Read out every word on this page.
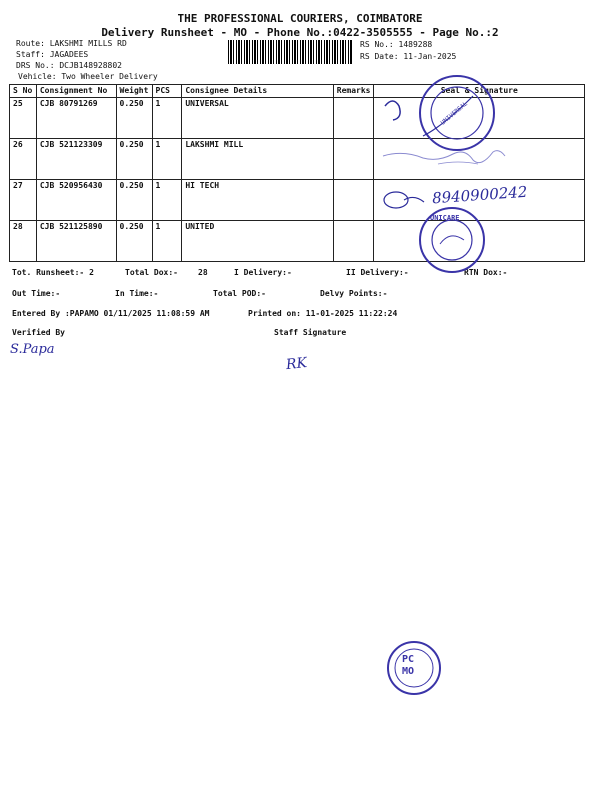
THE PROFESSIONAL COURIERS, COIMBATORE
Delivery Runsheet - MO - Phone No.:0422-3505555 - Page No.:2
Route: LAKSHMI MILLS RD
Staff: JAGADEES
DRS No.: DCJB148928802
Vehicle: Two Wheeler Delivery
RS No.: 1489288
RS Date: 11-Jan-2025
S No	Consignment No	Weight	PCS	Consignee Details	Remarks	Seal & Signature
25	CJB 80791269	0.250	1	UNIVERSAL		
26	CJB 521123309	0.250	1	LAKSHMI MILL		
27	CJB 520956430	0.250	1	HI TECH		
28	CJB 521125890	0.250	1	UNITED		
Tot. Runsheet:- 2	Total Dox:-	28	I Delivery:-	II Delivery:-	RTN Dox:-
Out Time:-	In Time:-	Total POD:-	Delvy Points:-
Entered By :PAPAMO 01/11/2025 11:08:59 AM	Printed on: 11-01-2025 11:22:24
Verified By	Staff Signature
S.Papa
RK
UNIVERSAL
8940900242
UNICARE
PC
MO
